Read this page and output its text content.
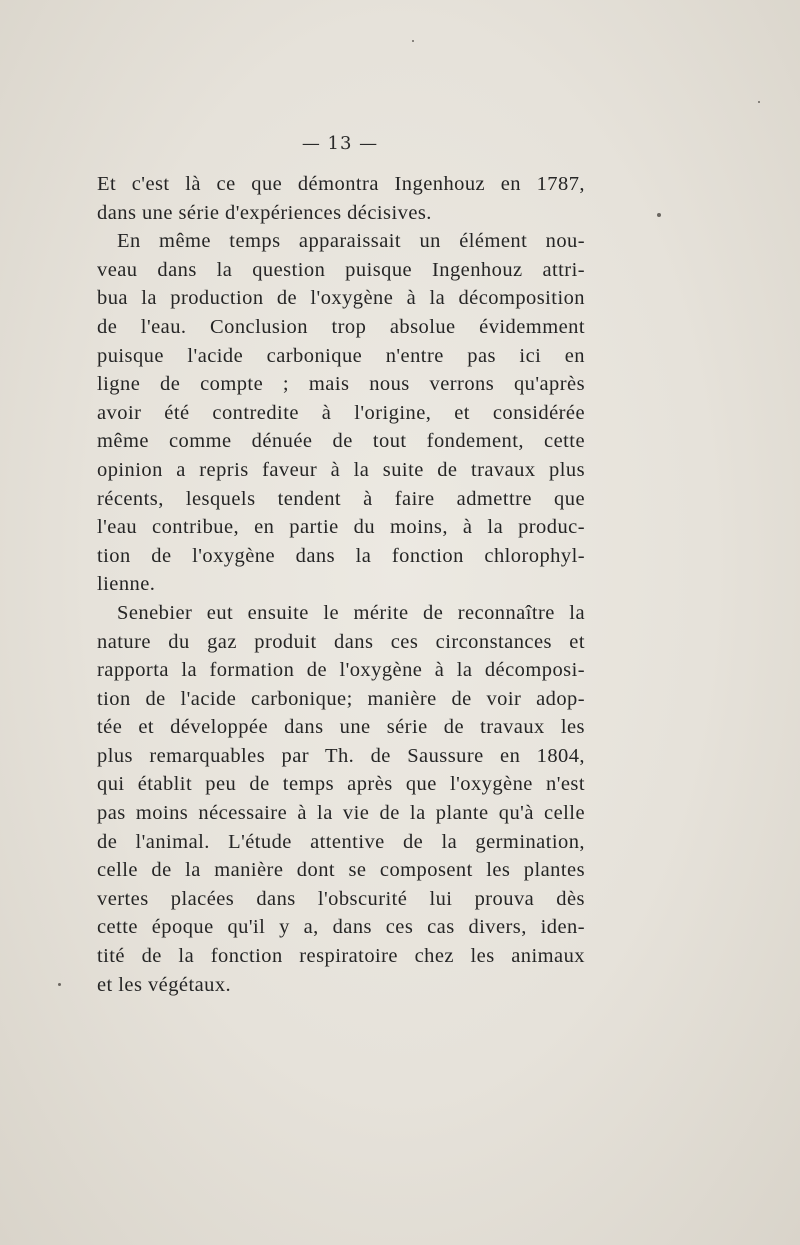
— 13 —
Et c'est là ce que démontra Ingenhouz en 1787,
dans une série d'expériences décisives.
En même temps apparaissait un élément nou-
veau dans la question puisque Ingenhouz attri-
bua la production de l'oxygène à la décomposition
de l'eau. Conclusion trop absolue évidemment
puisque l'acide carbonique n'entre pas ici en
ligne de compte ; mais nous verrons qu'après
avoir été contredite à l'origine, et considérée
même comme dénuée de tout fondement, cette
opinion a repris faveur à la suite de travaux plus
récents, lesquels tendent à faire admettre que
l'eau contribue, en partie du moins, à la produc-
tion de l'oxygène dans la fonction chlorophyl-
lienne.
Senebier eut ensuite le mérite de reconnaître la
nature du gaz produit dans ces circonstances et
rapporta la formation de l'oxygène à la décomposi-
tion de l'acide carbonique; manière de voir adop-
tée et développée dans une série de travaux les
plus remarquables par Th. de Saussure en 1804,
qui établit peu de temps après que l'oxygène n'est
pas moins nécessaire à la vie de la plante qu'à celle
de l'animal. L'étude attentive de la germination,
celle de la manière dont se composent les plantes
vertes placées dans l'obscurité lui prouva dès
cette époque qu'il y a, dans ces cas divers, iden-
tité de la fonction respiratoire chez les animaux
et les végétaux.
